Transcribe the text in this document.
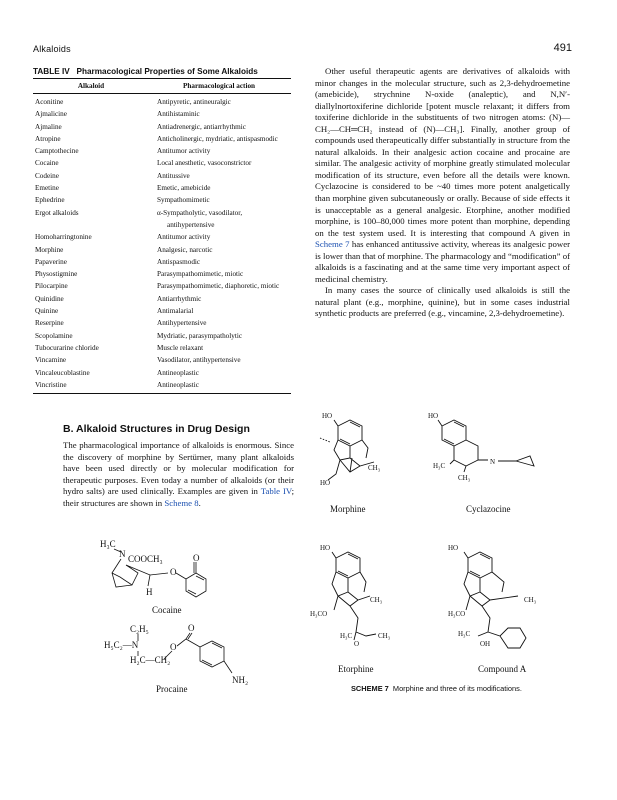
Alkaloids	491
TABLE IV Pharmacological Properties of Some Alkaloids
Alkaloid	Pharmacological action
Aconitine	Antipyretic, antineuralgic
Ajmalicine	Antihistaminic
Ajmaline	Antiadrenergic, antiarrhythmic
Atropine	Anticholinergic, mydriatic, antispasmodic
Camptothecine	Antitumor activity
Cocaine	Local anesthetic, vasoconstrictor
Codeine	Antitussive
Emetine	Emetic, amebicide
Ephedrine	Sympathomimetic
Ergot alkaloids	α-Sympatholytic, vasodilator,
antihypertensive
Homoharringtonine	Antitumor activity
Morphine	Analgesic, narcotic
Papaverine	Antispasmodic
Physostigmine	Parasympathomimetic, miotic
Pilocarpine	Parasympathomimetic, diaphoretic, miotic
Quinidine	Antiarrhythmic
Quinine	Antimalarial
Reserpine	Antihypertensive
Scopolamine	Mydriatic, parasympatholytic
Tubocurarine chloride	Muscle relaxant
Vincamine	Vasodilator, antihypertensive
Vincaleucoblastine	Antineoplastic
Vincristine	Antineoplastic

Other useful therapeutic agents are derivatives of alkaloids with minor changes in the molecular structure, such as 2,3-dehydroemetine (amebicide), strychnine N-oxide (analeptic), and N,N′-diallylnortoxiferine dichloride [potent muscle relaxant; it differs from toxiferine dichloride in the substituents of two nitrogen atoms: (N)—CH₂—CH═CH₂ instead of (N)—CH₃]. Finally, another group of compounds used therapeutically differ substantially in structure from the natural alkaloids. In their analgesic action cocaine and procaine are similar. The analgesic activity of morphine greatly stimulated molecular modification of its structure, even before all the details were known. Cyclazocine is considered to be ~40 times more potent analgetically than morphine given subcutaneously or orally. Because of side effects it is unacceptable as a general analgesic. Etorphine, another modified morphine, is 100–80,000 times more potent than morphine, depending on the test system used. It is interesting that compound A given in Scheme 7 has enhanced antitussive activity, whereas its analgesic power is lower than that of morphine. The pharmacology and “modification” of alkaloids is a fascinating and at the same time very important aspect of medicinal chemistry.

In many cases the source of clinically used alkaloids is still the natural plant (e.g., morphine, quinine), but in some cases industrial synthetic products are preferred (e.g., vincamine, 2,3-dehydroemetine).

B. Alkaloid Structures in Drug Design
The pharmacological importance of alkaloids is enormous. Since the discovery of morphine by Sertürner, many plant alkaloids have been used directly or by molecular modification for therapeutic purposes. Even today a number of alkaloids (or their hydro salts) are used clinically. Examples are given in Table IV; their structures are shown in Scheme 8.
H₃C
N COOCH₃	O
O
H
Cocaine
C₂H₅
H₅C₂—N
H₂C—CH₂
O
O
NH₂
Procaine
HO
HO
CH₃
Morphine
HO
H₃C
CH₃
N
Cyclazocine
HO
H₃CO
CH₃
H₃C	CH₃
O
Etorphine
HO
H₃CO
CH₃
H₃C
OH
Compound A
SCHEME 7 Morphine and three of its modifications.
